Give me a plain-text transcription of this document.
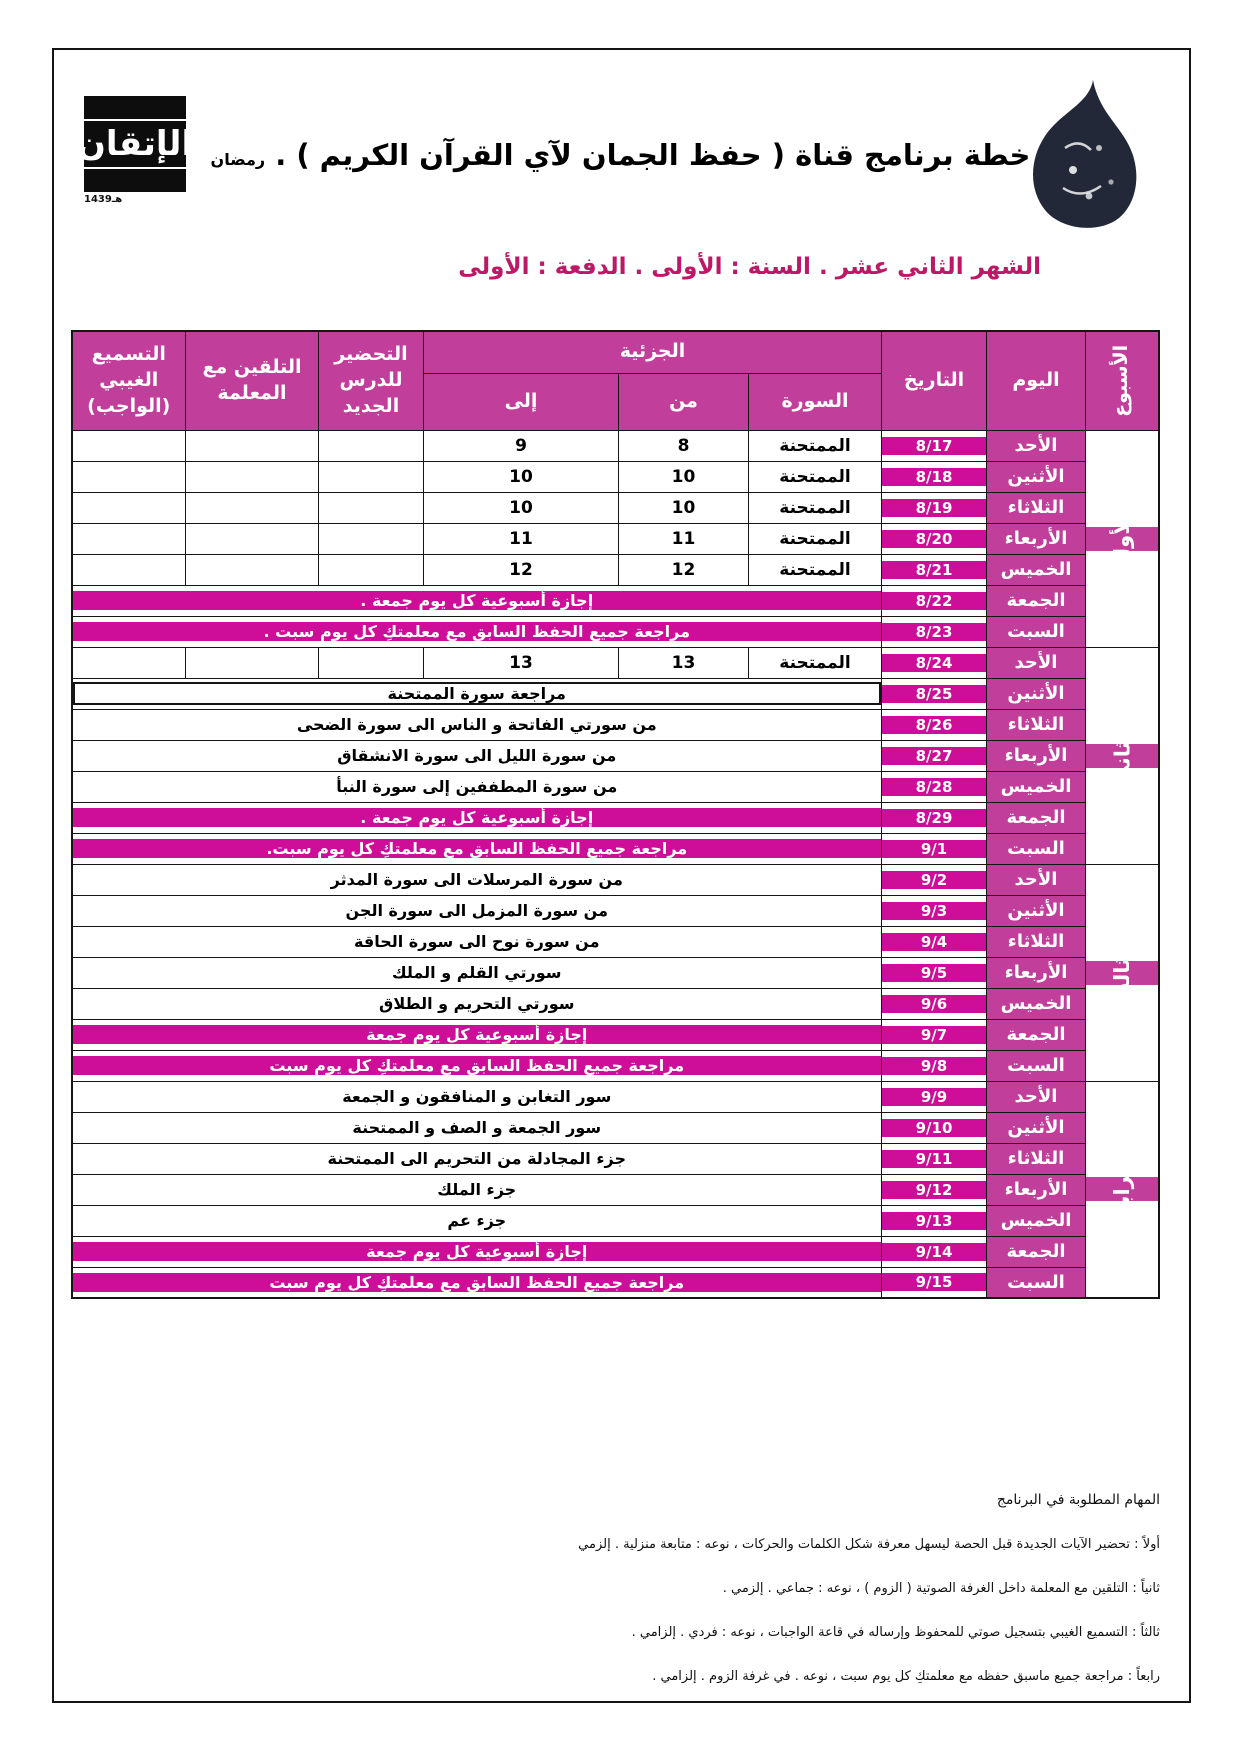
الإتقان
1439هـ
خطة برنامج قناة ( حفظ الجمان لآي القرآن الكريم ) . رمضان
الشهر الثاني عشر . السنة : الأولى . الدفعة : الأولى
الأسبوع	اليوم	التاريخ	الجزئية			التحضير للدرس الجديد	التلقين مع المعلمة	التسميع الغيبي (الواجب)
			السورة	من	إلى			

الأول	الأحد	8/17	الممتحنة	8	9			
	الأثنين	8/18	الممتحنة	10	10			
	الثلاثاء	8/19	الممتحنة	10	10			
	الأربعاء	8/20	الممتحنة	11	11			
	الخميس	8/21	الممتحنة	12	12			
	الجمعة	8/22	إجازة أسبوعية كل يوم جمعة .					

	السبت	8/23	مراجعة جميع الحفظ السابق مع معلمتكِ كل يوم سبت .					

الثاني	الأحد	8/24	الممتحنة	13	13			
	الأثنين	8/25	مراجعة سورة الممتحنة					

	الثلاثاء	8/26	من سورتي الفاتحة و الناس الى سورة الضحى					
	الأربعاء	8/27	من سورة الليل الى سورة الانشقاق					
	الخميس	8/28	من سورة المطففين إلى سورة النبأ					
	الجمعة	8/29	إجازة أسبوعية كل يوم جمعة .					

	السبت	9/1	مراجعة جميع الحفظ السابق مع معلمتكِ كل يوم سبت.					

الثالث	الأحد	9/2	من سورة المرسلات الى سورة المدثر					
	الأثنين	9/3	من سورة المزمل الى سورة الجن					
	الثلاثاء	9/4	من سورة نوح الى سورة الحاقة					
	الأربعاء	9/5	سورتي القلم و الملك					
	الخميس	9/6	سورتي التحريم و الطلاق					
	الجمعة	9/7	إجازة أسبوعية كل يوم جمعة					

	السبت	9/8	مراجعة جميع الحفظ السابق مع معلمتكِ كل يوم سبت					

الرابع	الأحد	9/9	سور التغابن و المنافقون و الجمعة					
	الأثنين	9/10	سور الجمعة و الصف و الممتحنة					
	الثلاثاء	9/11	جزء المجادلة من التحريم الى الممتحنة					
	الأربعاء	9/12	جزء الملك					
	الخميس	9/13	جزء عم					
	الجمعة	9/14	إجازة أسبوعية كل يوم جمعة					

	السبت	9/15	مراجعة جميع الحفظ السابق مع معلمتكِ كل يوم سبت					
المهام المطلوبة في البرنامج
أولاً : تحضير الآيات الجديدة قبل الحصة ليسهل معرفة شكل الكلمات والحركات ، نوعه : متابعة منزلية . إلزمي
ثانياً : التلقين مع المعلمة داخل الغرفة الصوتية ( الزوم ) ، نوعه : جماعي . إلزمي .
ثالثاً : التسميع الغيبي بتسجيل صوتي للمحفوظ وإرساله في قاعة الواجبات ، نوعه : فردي . إلزامي .
رابعاً : مراجعة جميع ماسبق حفظه مع معلمتكِ كل يوم سبت ، نوعه . في غرفة الزوم . إلزامي .
